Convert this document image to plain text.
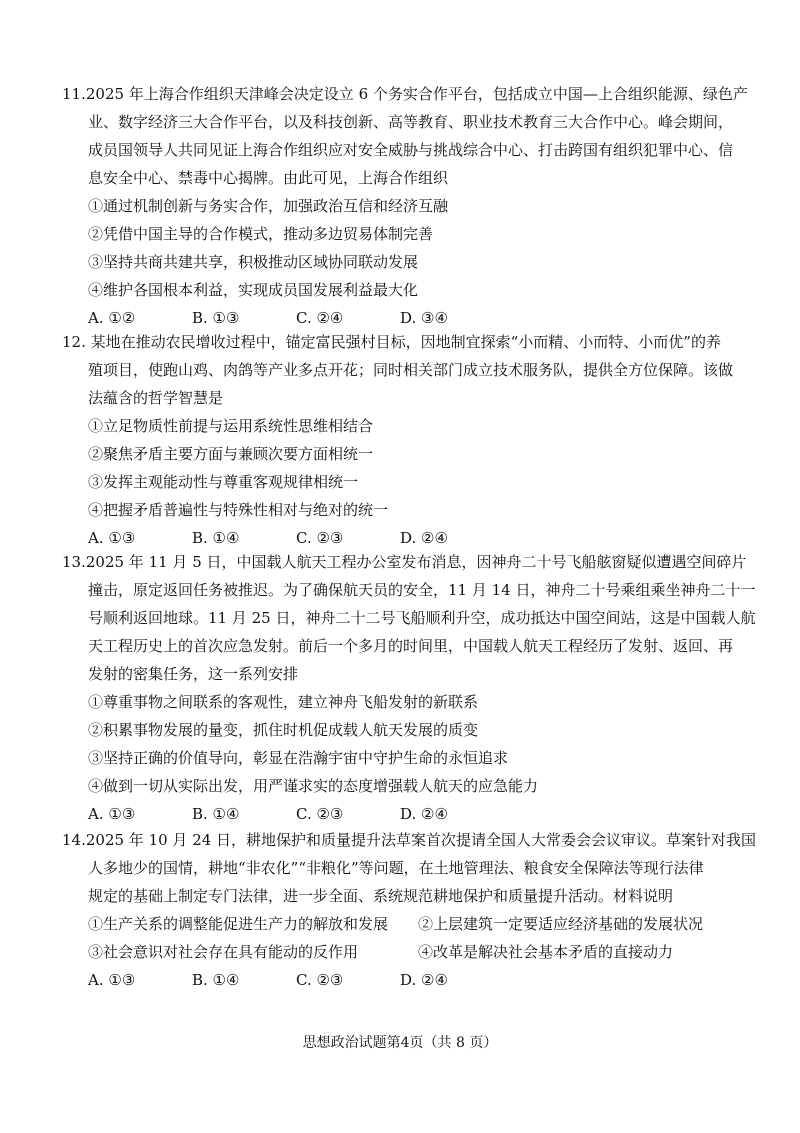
11.2025 年上海合作组织天津峰会决定设立 6 个务实合作平台，包括成立中国—上合组织能源、绿色产
业、数字经济三大合作平台，以及科技创新、高等教育、职业技术教育三大合作中心。峰会期间，
成员国领导人共同见证上海合作组织应对安全威胁与挑战综合中心、打击跨国有组织犯罪中心、信
息安全中心、禁毒中心揭牌。由此可见，上海合作组织
①通过机制创新与务实合作，加强政治互信和经济互融
②凭借中国主导的合作模式，推动多边贸易体制完善
③坚持共商共建共享，积极推动区域协同联动发展
④维护各国根本利益，实现成员国发展利益最大化
A. ①②	B. ①③	C. ②④	D. ③④
12. 某地在推动农民增收过程中，锚定富民强村目标，因地制宜探索“小而精、小而特、小而优”的养
殖项目，使跑山鸡、肉鸽等产业多点开花；同时相关部门成立技术服务队，提供全方位保障。该做
法蕴含的哲学智慧是
①立足物质性前提与运用系统性思维相结合
②聚焦矛盾主要方面与兼顾次要方面相统一
③发挥主观能动性与尊重客观规律相统一
④把握矛盾普遍性与特殊性相对与绝对的统一
A. ①③	B. ①④	C. ②③	D. ②④
13.2025 年 11 月 5 日，中国载人航天工程办公室发布消息，因神舟二十号飞船舷窗疑似遭遇空间碎片
撞击，原定返回任务被推迟。为了确保航天员的安全，11 月 14 日，神舟二十号乘组乘坐神舟二十一
号顺利返回地球。11 月 25 日，神舟二十二号飞船顺利升空，成功抵达中国空间站，这是中国载人航
天工程历史上的首次应急发射。前后一个多月的时间里，中国载人航天工程经历了发射、返回、再
发射的密集任务，这一系列安排
①尊重事物之间联系的客观性，建立神舟飞船发射的新联系
②积累事物发展的量变，抓住时机促成载人航天发展的质变
③坚持正确的价值导向，彰显在浩瀚宇宙中守护生命的永恒追求
④做到一切从实际出发，用严谨求实的态度增强载人航天的应急能力
A. ①③	B. ①④	C. ②③	D. ②④
14.2025 年 10 月 24 日，耕地保护和质量提升法草案首次提请全国人大常委会会议审议。草案针对我国
人多地少的国情，耕地“非农化”“非粮化”等问题，在土地管理法、粮食安全保障法等现行法律
规定的基础上制定专门法律，进一步全面、系统规范耕地保护和质量提升活动。材料说明
①生产关系的调整能促进生产力的解放和发展	②上层建筑一定要适应经济基础的发展状况
③社会意识对社会存在具有能动的反作用	④改革是解决社会基本矛盾的直接动力
A. ①③	B. ①④	C. ②③	D. ②④
思想政治试题第4页（共 8 页）
